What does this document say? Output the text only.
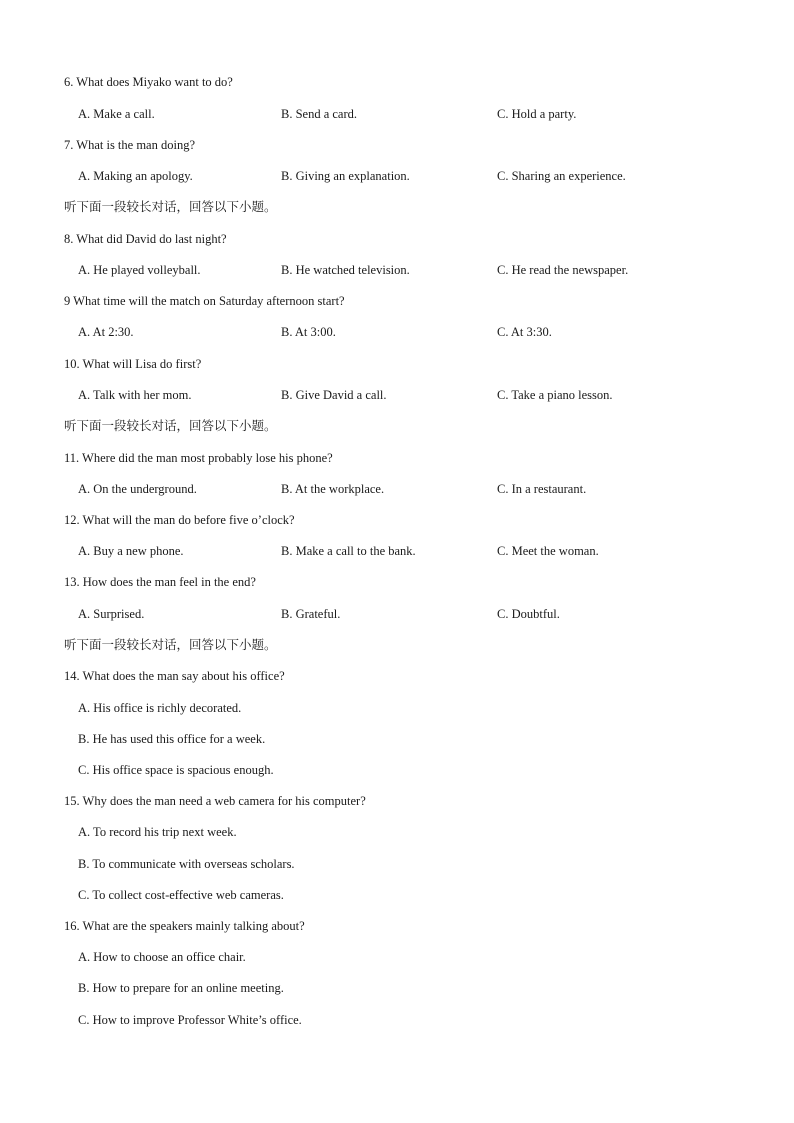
6. What does Miyako want to do?
A. Make a call.	B. Send a card.	C. Hold a party.
7. What is the man doing?
A. Making an apology.	B. Giving an explanation.	C. Sharing an experience.
听下面一段较长对话，回答以下小题。
8. What did David do last night?
A. He played volleyball.	B. He watched television.	C. He read the newspaper.
9 What time will the match on Saturday afternoon start?
A. At 2:30.	B. At 3:00.	C. At 3:30.
10. What will Lisa do first?
A. Talk with her mom.	B. Give David a call.	C. Take a piano lesson.
听下面一段较长对话，回答以下小题。
11. Where did the man most probably lose his phone?
A. On the underground.	B. At the workplace.	C. In a restaurant.
12. What will the man do before five o’clock?
A. Buy a new phone.	B. Make a call to the bank.	C. Meet the woman.
13. How does the man feel in the end?
A. Surprised.	B. Grateful.	C. Doubtful.
听下面一段较长对话，回答以下小题。
14. What does the man say about his office?
A. His office is richly decorated.
B. He has used this office for a week.
C. His office space is spacious enough.
15. Why does the man need a web camera for his computer?
A. To record his trip next week.
B. To communicate with overseas scholars.
C. To collect cost-effective web cameras.
16. What are the speakers mainly talking about?
A. How to choose an office chair.
B. How to prepare for an online meeting.
C. How to improve Professor White’s office.
